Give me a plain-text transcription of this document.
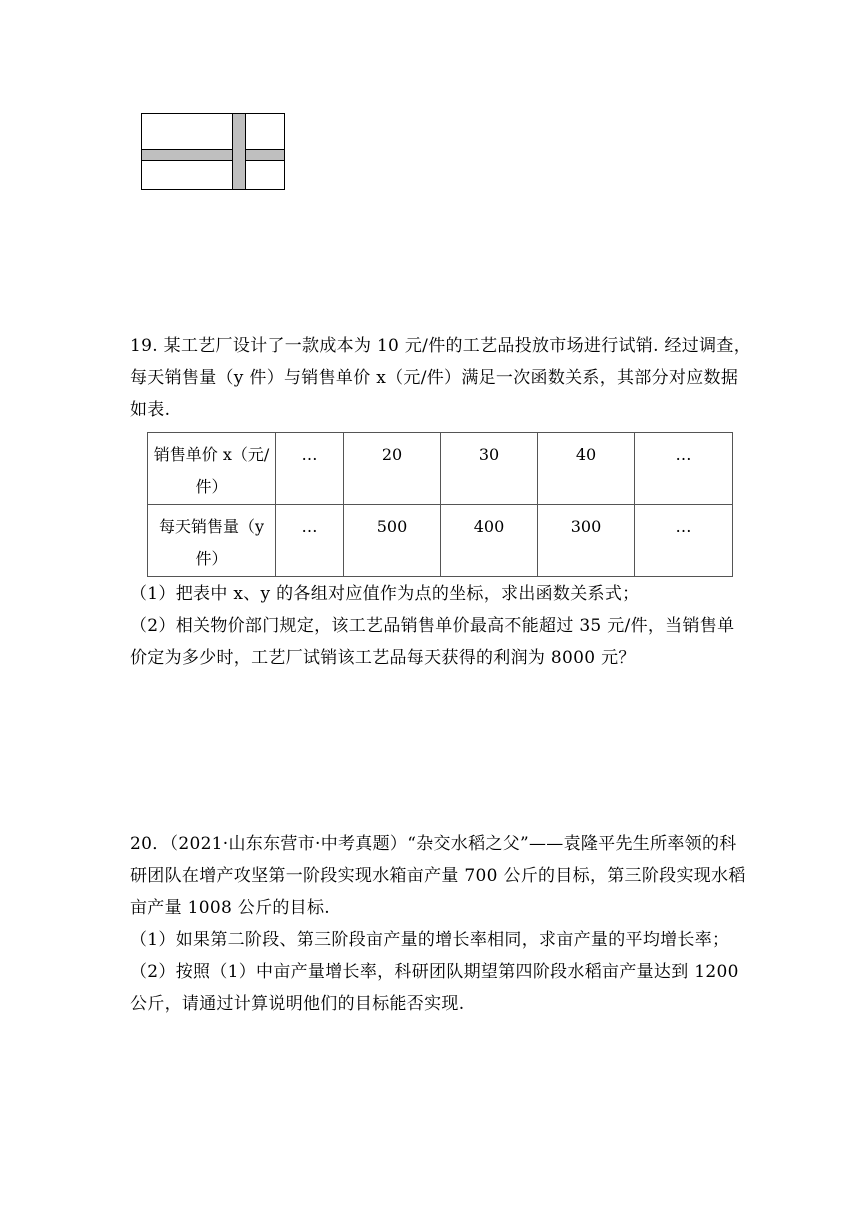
19. 某工艺厂设计了一款成本为 10 元/件的工艺品投放市场进行试销. 经过调查，
每天销售量（y 件）与销售单价 x（元/件）满足一次函数关系，其部分对应数据
如表.
销售单价 x（元/
件）	…	20	30	40	…

每天销售量（y
件）	…	500	400	300	…
（1）把表中 x、y 的各组对应值作为点的坐标，求出函数关系式；
（2）相关物价部门规定，该工艺品销售单价最高不能超过 35 元/件，当销售单
价定为多少时，工艺厂试销该工艺品每天获得的利润为 8000 元？
20．（2021·山东东营市·中考真题）“杂交水稻之父”——袁隆平先生所率领的科
研团队在增产攻坚第一阶段实现水箱亩产量 700 公斤的目标，第三阶段实现水稻
亩产量 1008 公斤的目标.
（1）如果第二阶段、第三阶段亩产量的增长率相同，求亩产量的平均增长率；
（2）按照（1）中亩产量增长率，科研团队期望第四阶段水稻亩产量达到 1200
公斤，请通过计算说明他们的目标能否实现.
